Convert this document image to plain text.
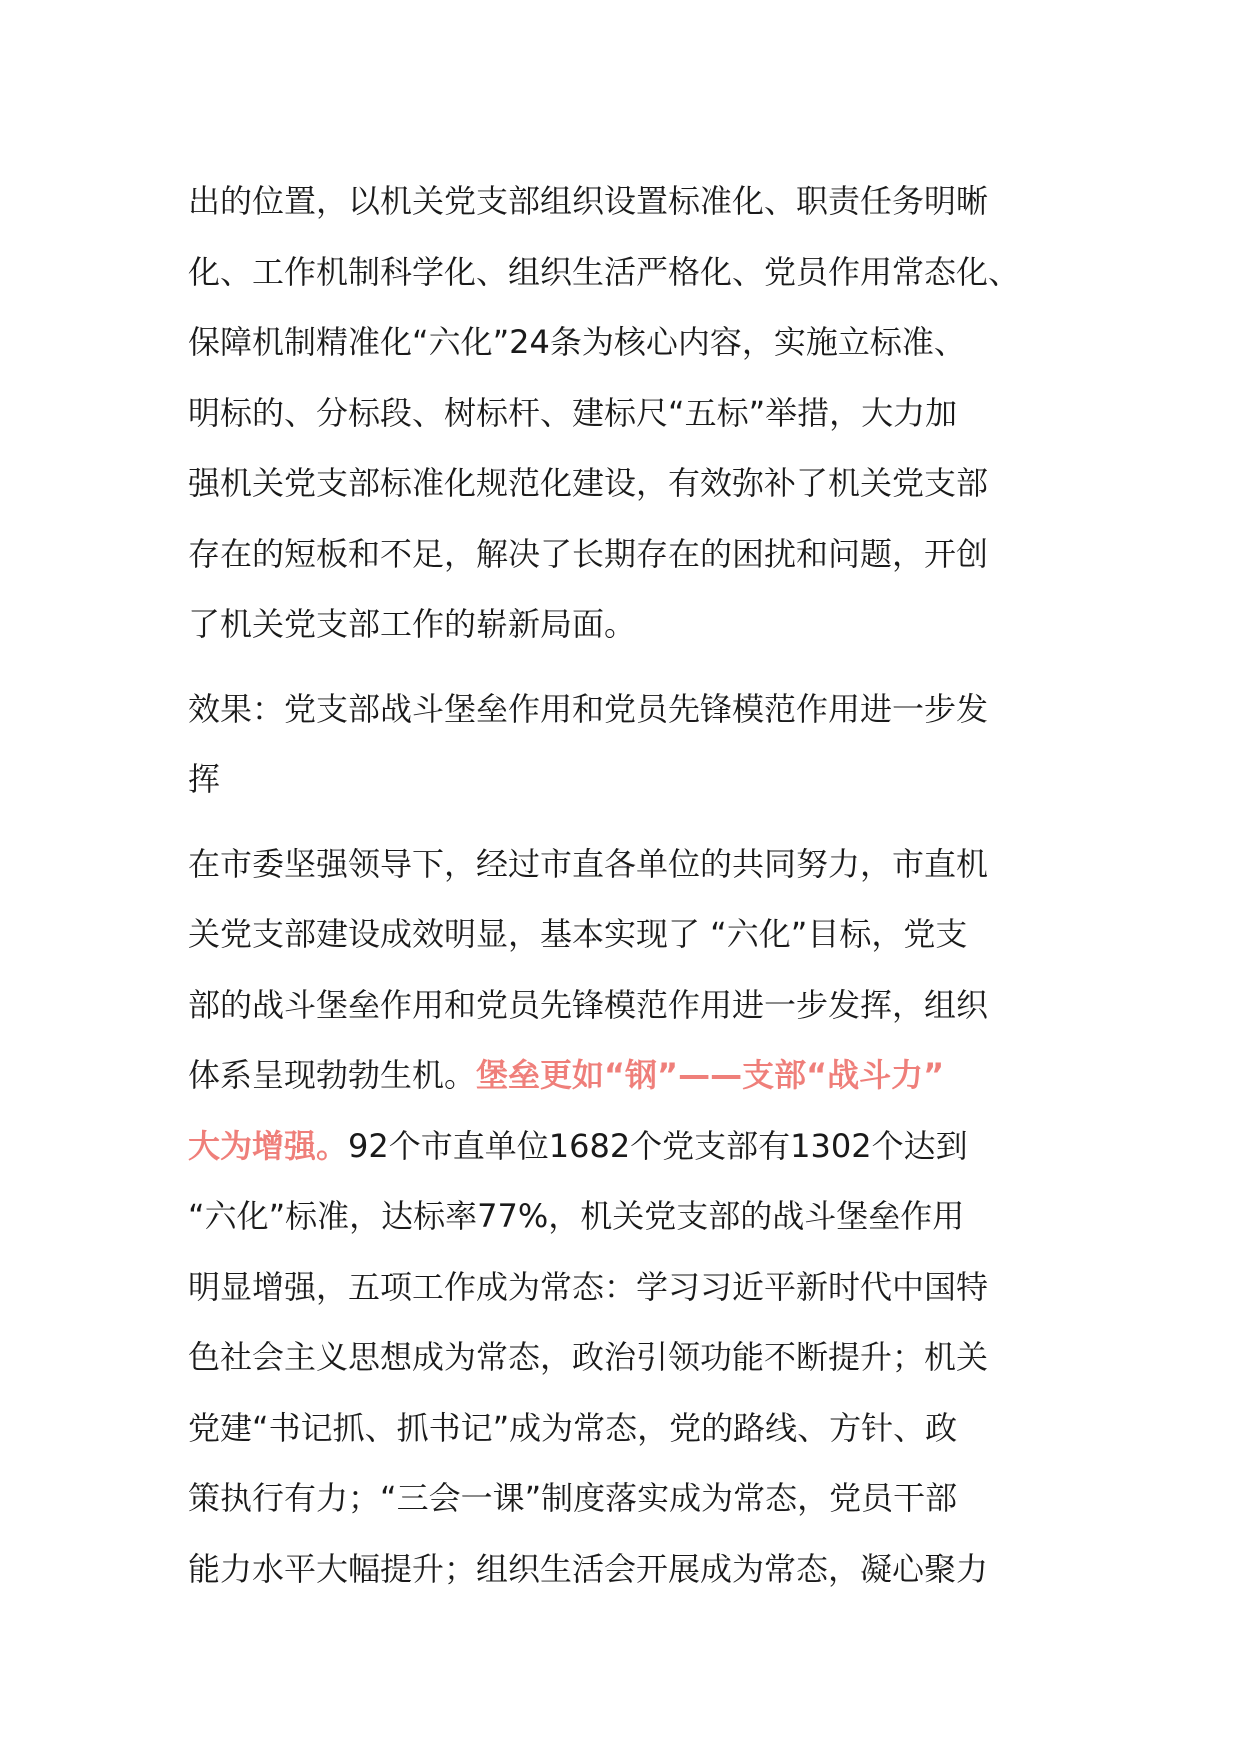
出的位置，以机关党支部组织设置标准化、职责任务明晰
化、工作机制科学化、组织生活严格化、党员作用常态化、
保障机制精准化“六化”24条为核心内容，实施立标准、
明标的、分标段、树标杆、建标尺“五标”举措，大力加
强机关党支部标准化规范化建设，有效弥补了机关党支部
存在的短板和不足，解决了长期存在的困扰和问题，开创
了机关党支部工作的崭新局面。

效果：党支部战斗堡垒作用和党员先锋模范作用进一步发
挥

在市委坚强领导下，经过市直各单位的共同努力，市直机
关党支部建设成效明显，基本实现了 “六化”目标，党支
部的战斗堡垒作用和党员先锋模范作用进一步发挥，组织
体系呈现勃勃生机。堡垒更如“钢”——支部“战斗力”
大为增强。92个市直单位1682个党支部有1302个达到
“六化”标准，达标率77%，机关党支部的战斗堡垒作用
明显增强，五项工作成为常态：学习习近平新时代中国特
色社会主义思想成为常态，政治引领功能不断提升；机关
党建“书记抓、抓书记”成为常态，党的路线、方针、政
策执行有力；“三会一课”制度落实成为常态，党员干部
能力水平大幅提升；组织生活会开展成为常态，凝心聚力
